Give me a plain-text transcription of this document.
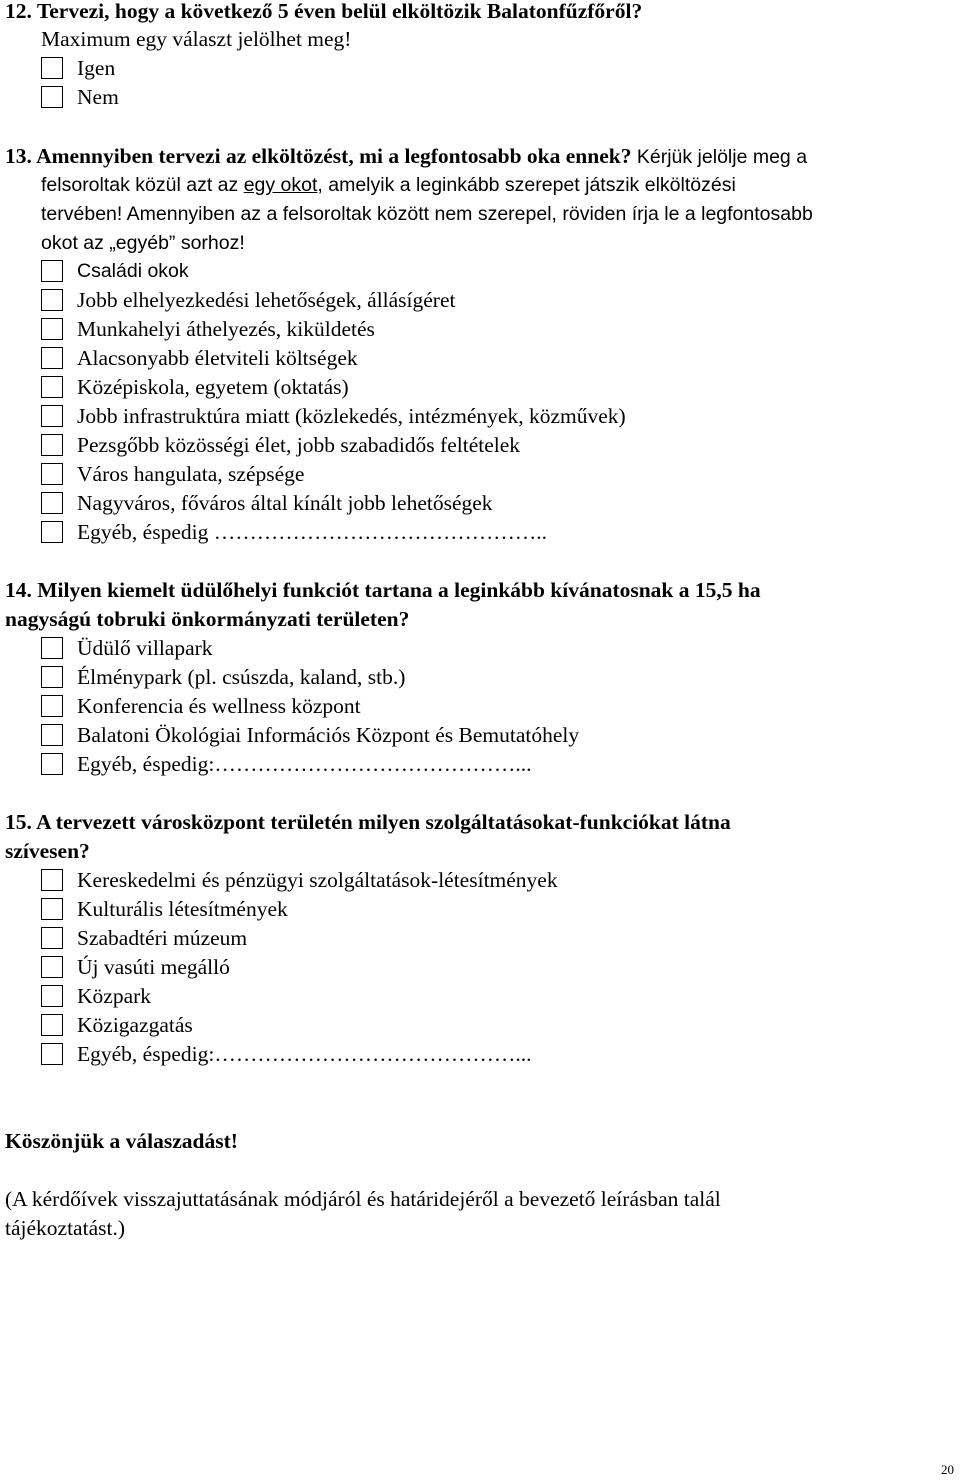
12. Tervezi, hogy a következő 5 éven belül elköltözik Balatonfűzfőről?
Maximum egy választ jelölhet meg!
Igen
Nem
13. Amennyiben tervezi az elköltözést, mi a legfontosabb oka ennek? Kérjük jelölje meg a
felsoroltak közül azt az egy okot, amelyik a leginkább szerepet játszik elköltözési
tervében! Amennyiben az a felsoroltak között nem szerepel, röviden írja le a legfontosabb
okot az „egyéb” sorhoz!
Családi okok
Jobb elhelyezkedési lehetőségek, állásígéret
Munkahelyi áthelyezés, kiküldetés
Alacsonyabb életviteli költségek
Középiskola, egyetem (oktatás)
Jobb infrastruktúra miatt (közlekedés, intézmények, közművek)
Pezsgőbb közösségi élet, jobb szabadidős feltételek
Város hangulata, szépsége
Nagyváros, főváros által kínált jobb lehetőségek
Egyéb, éspedig ………………………………………..
14. Milyen kiemelt üdülőhelyi funkciót tartana a leginkább kívánatosnak a 15,5 ha
nagyságú tobruki önkormányzati területen?
Üdülő villapark
Élménypark (pl. csúszda, kaland, stb.)
Konferencia és wellness központ
Balatoni Ökológiai Információs Központ és Bemutatóhely
Egyéb, éspedig:……………………………………...
15. A tervezett városközpont területén milyen szolgáltatásokat-funkciókat látna
szívesen?
Kereskedelmi és pénzügyi szolgáltatások-létesítmények
Kulturális létesítmények
Szabadtéri múzeum
Új vasúti megálló
Közpark
Közigazgatás
Egyéb, éspedig:……………………………………...
Köszönjük a válaszadást!
(A kérdőívek visszajuttatásának módjáról és határidejéről a bevezető leírásban talál
tájékoztatást.)
20
